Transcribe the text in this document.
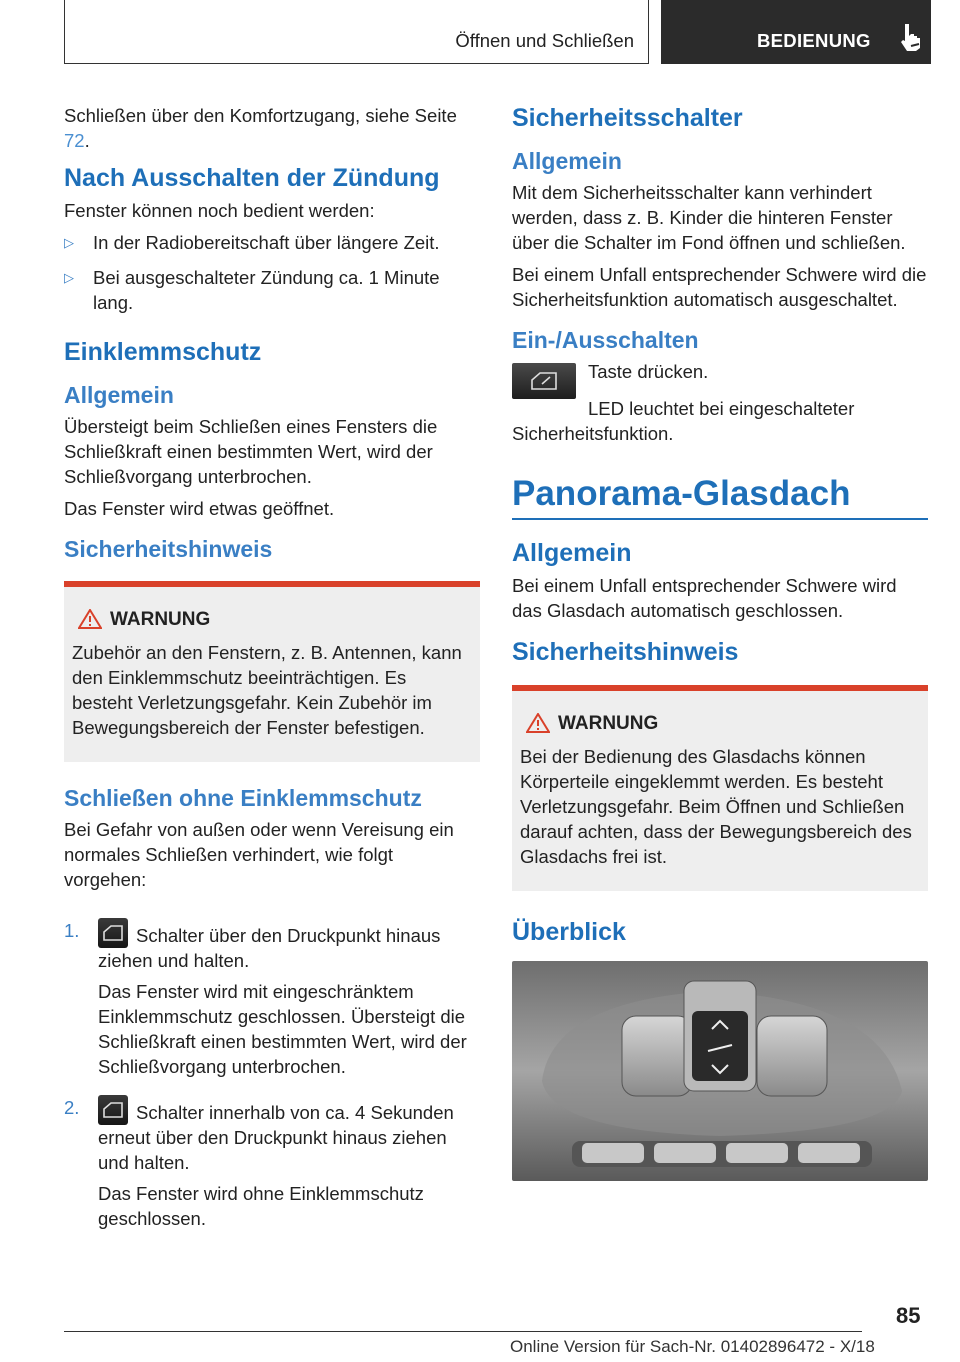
Öffnen und Schließen	BEDIENUNG

Schließen über den Komfortzugang, siehe Seite 72.

Nach Ausschalten der Zündung

Fenster können noch bedient werden:

▷ In der Radiobereitschaft über längere Zeit.
▷ Bei ausgeschalteter Zündung ca. 1 Minute lang.
Einklemmschutz
Allgemein

Übersteigt beim Schließen eines Fensters die Schließkraft einen bestimmten Wert, wird der Schließvorgang unterbrochen.

Das Fenster wird etwas geöffnet.

Sicherheitshinweis
WARNUNG

Zubehör an den Fenstern, z. B. Antennen, kann den Einklemmschutz beeinträchtigen. Es besteht Verletzungsgefahr. Kein Zubehör im Bewegungsbereich der Fenster befestigen.

Schließen ohne Einklemmschutz

Bei Gefahr von außen oder wenn Vereisung ein normales Schließen verhindert, wie folgt vorgehen:

1.	Schalter über den Druckpunkt hinaus ziehen und halten.

Das Fenster wird mit eingeschränktem Einklemmschutz geschlossen. Übersteigt die Schließkraft einen bestimmten Wert, wird der Schließvorgang unterbrochen.

2.	Schalter innerhalb von ca. 4 Sekunden erneut über den Druckpunkt hinaus ziehen und halten.

Das Fenster wird ohne Einklemmschutz geschlossen.

Sicherheitsschalter
Allgemein

Mit dem Sicherheitsschalter kann verhindert werden, dass z. B. Kinder die hinteren Fenster über die Schalter im Fond öffnen und schließen.

Bei einem Unfall entsprechender Schwere wird die Sicherheitsfunktion automatisch ausgeschaltet.

Ein-/Ausschalten

Taste drücken.

LED leuchtet bei eingeschalteter Sicherheitsfunktion.

Panorama-Glasdach
Allgemein

Bei einem Unfall entsprechender Schwere wird das Glasdach automatisch geschlossen.

Sicherheitshinweis
WARNUNG

Bei der Bedienung des Glasdachs können Körperteile eingeklemmt werden. Es besteht Verletzungsgefahr. Beim Öffnen und Schließen darauf achten, dass der Bewegungsbereich des Glasdachs frei ist.

Überblick
85
Online Version für Sach-Nr. 01402896472 - X/18
